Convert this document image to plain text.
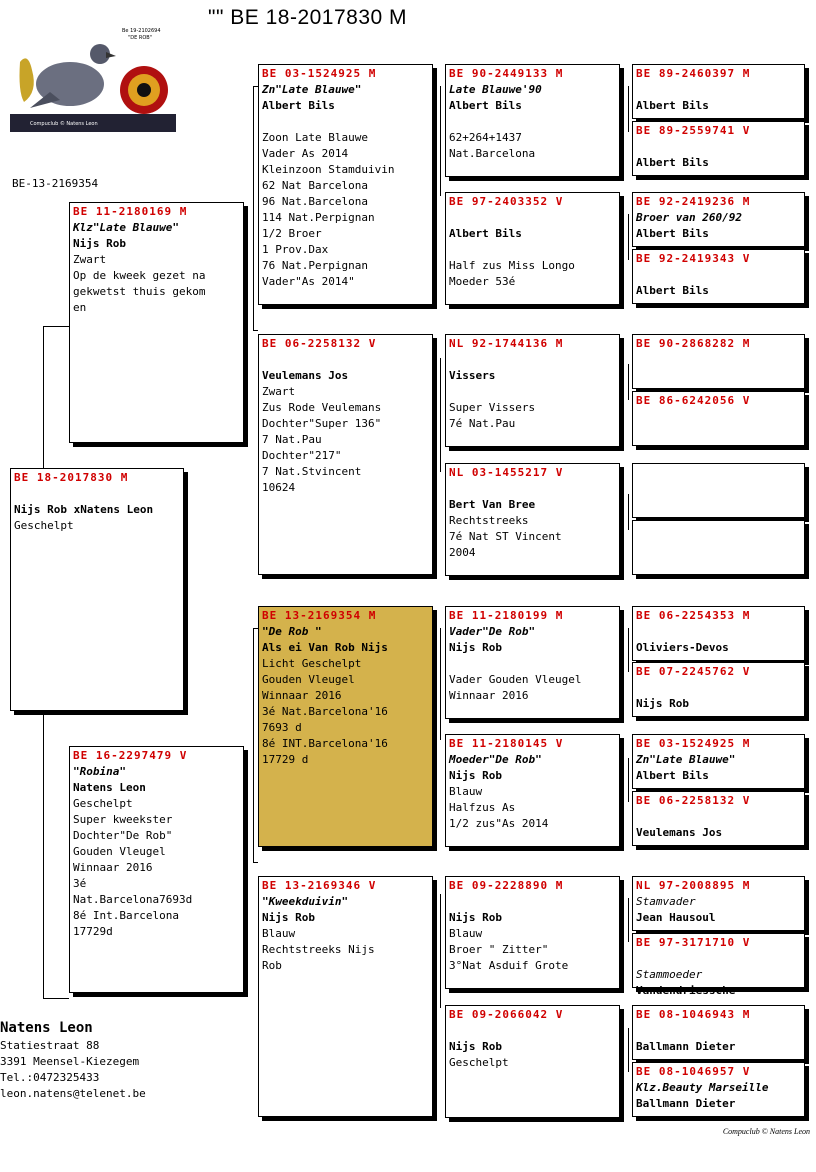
"" BE 18-2017830 M
Be 19-2102694
"DE ROB"
Compuclub © Natens Leon
BE-13-2169354
BE 18-2017830 M
Nijs Rob xNatens Leon
Geschelpt
BE 11-2180169 M
Klz"Late Blauwe"
Nijs Rob
Zwart
Op de kweek gezet na
gekwetst thuis gekom
en
BE 16-2297479 V
"Robina"
Natens Leon
Geschelpt
Super kweekster
Dochter"De Rob"
Gouden Vleugel
Winnaar 2016
3é
Nat.Barcelona7693d
8é Int.Barcelona
17729d
BE 03-1524925 M
Zn"Late Blauwe"
Albert Bils
Zoon Late Blauwe
Vader As 2014
Kleinzoon Stamduivin
62 Nat Barcelona
96 Nat.Barcelona
114 Nat.Perpignan
1/2 Broer
1 Prov.Dax
76 Nat.Perpignan
Vader"As 2014"
BE 06-2258132 V
Veulemans Jos
Zwart
Zus Rode Veulemans
Dochter"Super 136"
7 Nat.Pau
Dochter"217"
7 Nat.Stvincent
10624
BE 13-2169354 M
"De Rob "
Als ei Van Rob Nijs
Licht Geschelpt
Gouden Vleugel
Winnaar 2016
3é Nat.Barcelona'16
7693 d
8é INT.Barcelona'16
17729 d
BE 13-2169346 V
"Kweekduivin"
Nijs Rob
Blauw
Rechtstreeks Nijs
Rob
BE 90-2449133 M
Late Blauwe'90
Albert Bils
62+264+1437
Nat.Barcelona
BE 97-2403352 V
Albert Bils
Half zus Miss Longo
Moeder 53é
NL 92-1744136 M
Vissers
Super Vissers
7é Nat.Pau
NL 03-1455217 V
Bert Van Bree
Rechtstreeks
7é Nat ST Vincent
2004
BE 11-2180199 M
Vader"De Rob"
Nijs Rob
Vader Gouden Vleugel
Winnaar 2016
BE 11-2180145 V
Moeder"De Rob"
Nijs Rob
Blauw
Halfzus As
1/2 zus"As 2014
BE 09-2228890 M
Nijs Rob
Blauw
Broer " Zitter"
3°Nat Asduif Grote
BE 09-2066042 V
Nijs Rob
Geschelpt
BE 89-2460397 M
Albert Bils
BE 89-2559741 V
Albert Bils
BE 92-2419236 M
Broer van 260/92
Albert Bils
BE 92-2419343 V
Albert Bils
BE 90-2868282 M
BE 86-6242056 V
BE 06-2254353 M
Oliviers-Devos
BE 07-2245762 V
Nijs Rob
BE 03-1524925 M
Zn"Late Blauwe"
Albert Bils
BE 06-2258132 V
Veulemans Jos
NL 97-2008895 M
Stamvader
Jean Hausoul
BE 97-3171710 V
Stammoeder
Vandendriessche
BE 08-1046943 M
Ballmann Dieter
BE 08-1046957 V
Klz.Beauty Marseille
Ballmann Dieter
Natens Leon
Statiestraat 88
3391 Meensel-Kiezegem
Tel.:0472325433
leon.natens@telenet.be
Compuclub © Natens Leon
